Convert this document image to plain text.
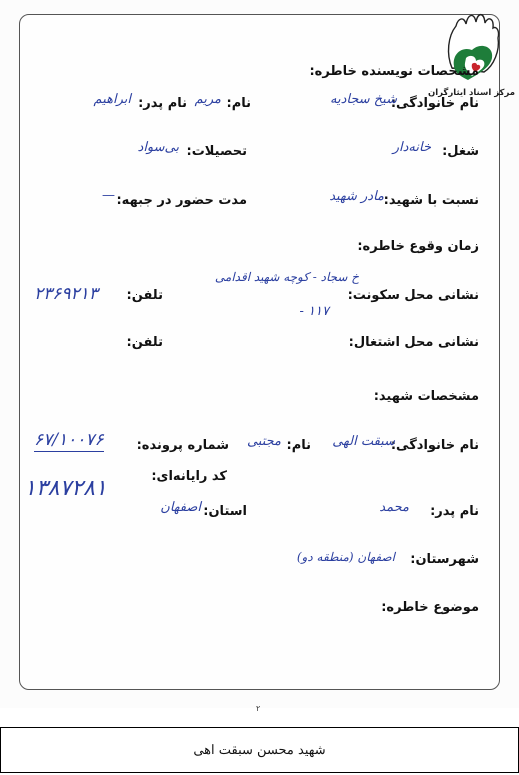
مرکز اسناد ایثارگران
مشخصات نویسنده خاطره:
نام خانوادگی:
شیخ سجادیه
نام:
مریم
نام پدر:
ابراهیم
شغل:
خانه‌دار
تحصیلات:
بی‌سواد
نسبت با شهید:
مادر شهید
مدت حضور در جبهه:
—
زمان وقوع خاطره:
نشانی محل سکونت:
خ سجاد - کوچه شهید اقدامی
۱۱۷ -
تلفن:
۲۳۶۹۲۱۳
نشانی محل اشتغال:
تلفن:
مشخصات شهید:
نام خانوادگی:
سبقت الهی
نام:
مجتبی
شماره پرونده:
۶۷/۱۰۰۷۶
کد رایانه‌ای:
۱۳۸۷۲۸۱
نام پدر:
محمد
استان:
اصفهان
شهرستان:
اصفهان (منطقه دو)
موضوع خاطره:
۲
شهید محسن سبقت اهی
